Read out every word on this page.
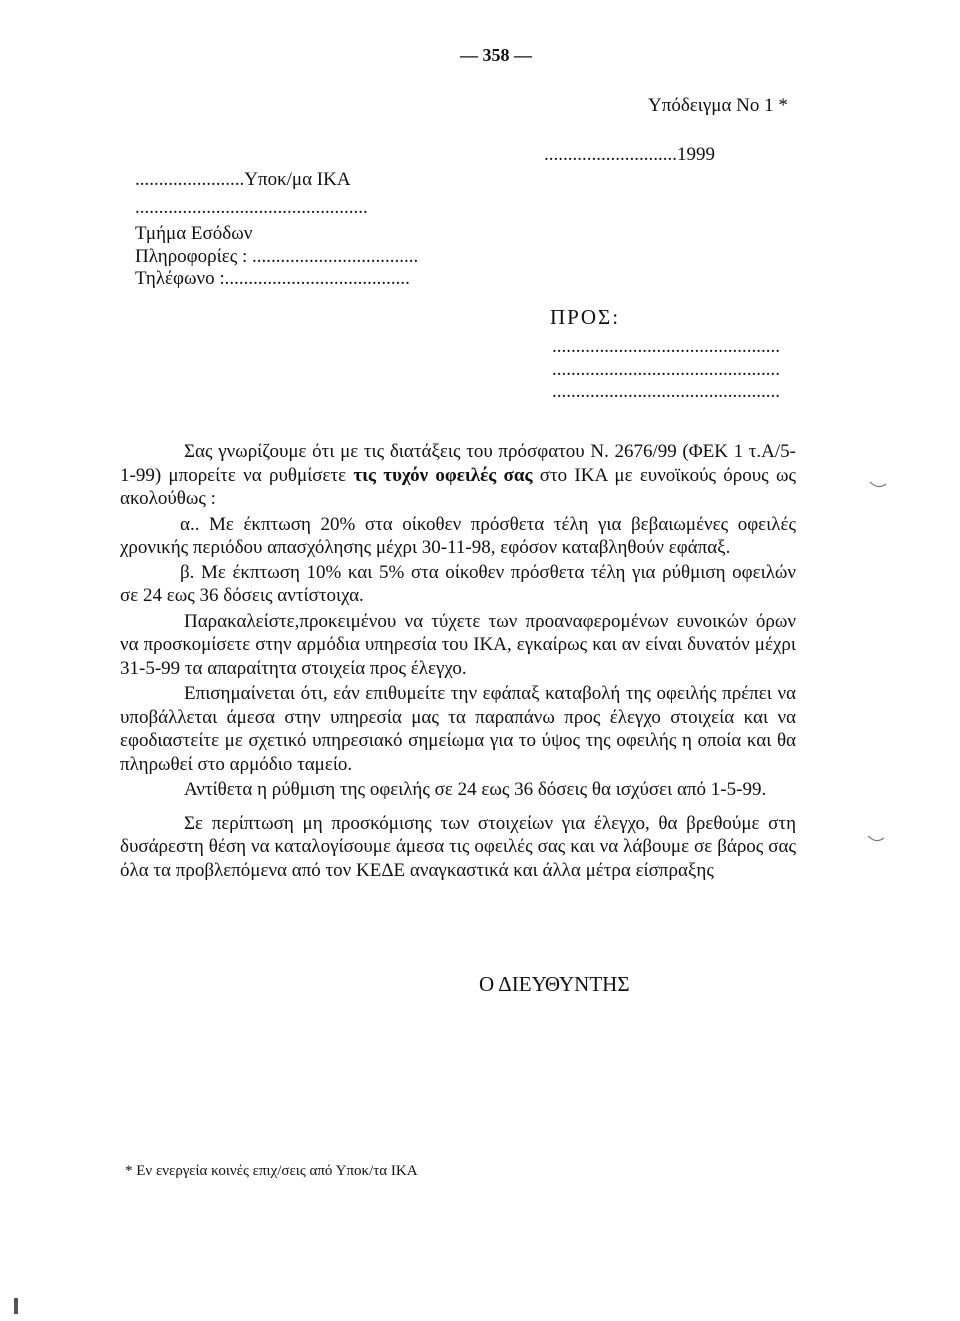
— 358 —
Υπόδειγμα Νο 1 *
............................1999
.......................Υποκ/μα ΙΚΑ
.................................................
Τμήμα Εσόδων
Πληροφορίες : ...................................
Τηλέφωνο :.......................................
ΠΡΟΣ:
................................................
................................................
................................................

Σας γνωρίζουμε ότι με τις διατάξεις του πρόσφατου Ν. 2676/99 (ΦΕΚ 1 τ.Α/5-1-99) μπορείτε να ρυθμίσετε τις τυχόν οφειλές σας στο ΙΚΑ με ευνοϊκούς όρους ως ακολούθως :

α.. Με έκπτωση 20% στα οίκοθεν πρόσθετα τέλη για βεβαιωμένες οφειλές χρονικής περιόδου απασχόλησης μέχρι 30-11-98, εφόσον καταβληθούν εφάπαξ.

β. Με έκπτωση 10% και 5% στα οίκοθεν πρόσθετα τέλη για ρύθμιση οφειλών σε 24 εως 36 δόσεις αντίστοιχα.

Παρακαλείστε,προκειμένου να τύχετε των προαναφερομένων ευνοικών όρων να προσκομίσετε στην αρμόδια υπηρεσία του ΙΚΑ, εγκαίρως και αν είναι δυνατόν μέχρι 31-5-99 τα απαραίτητα στοιχεία προς έλεγχο.

Επισημαίνεται ότι, εάν επιθυμείτε την εφάπαξ καταβολή της οφειλής πρέπει να υποβάλλεται άμεσα στην υπηρεσία μας τα παραπάνω προς έλεγχο στοιχεία και να εφοδιαστείτε με σχετικό υπηρεσιακό σημείωμα για το ύψος της οφειλής η οποία και θα πληρωθεί στο αρμόδιο ταμείο.

Αντίθετα η ρύθμιση της οφειλής σε 24 εως 36 δόσεις θα ισχύσει από 1-5-99.

Σε περίπτωση μη προσκόμισης των στοιχείων για έλεγχο, θα βρεθούμε στη δυσάρεστη θέση να καταλογίσουμε άμεσα τις οφειλές σας και να λάβουμε σε βάρος σας όλα τα προβλεπόμενα από τον ΚΕΔΕ αναγκαστικά και άλλα μέτρα είσπραξης

Ο ΔΙΕΥΘΥΝΤΗΣ
* Εν ενεργεία κοινές επιχ/σεις από Υποκ/τα ΙΚΑ
